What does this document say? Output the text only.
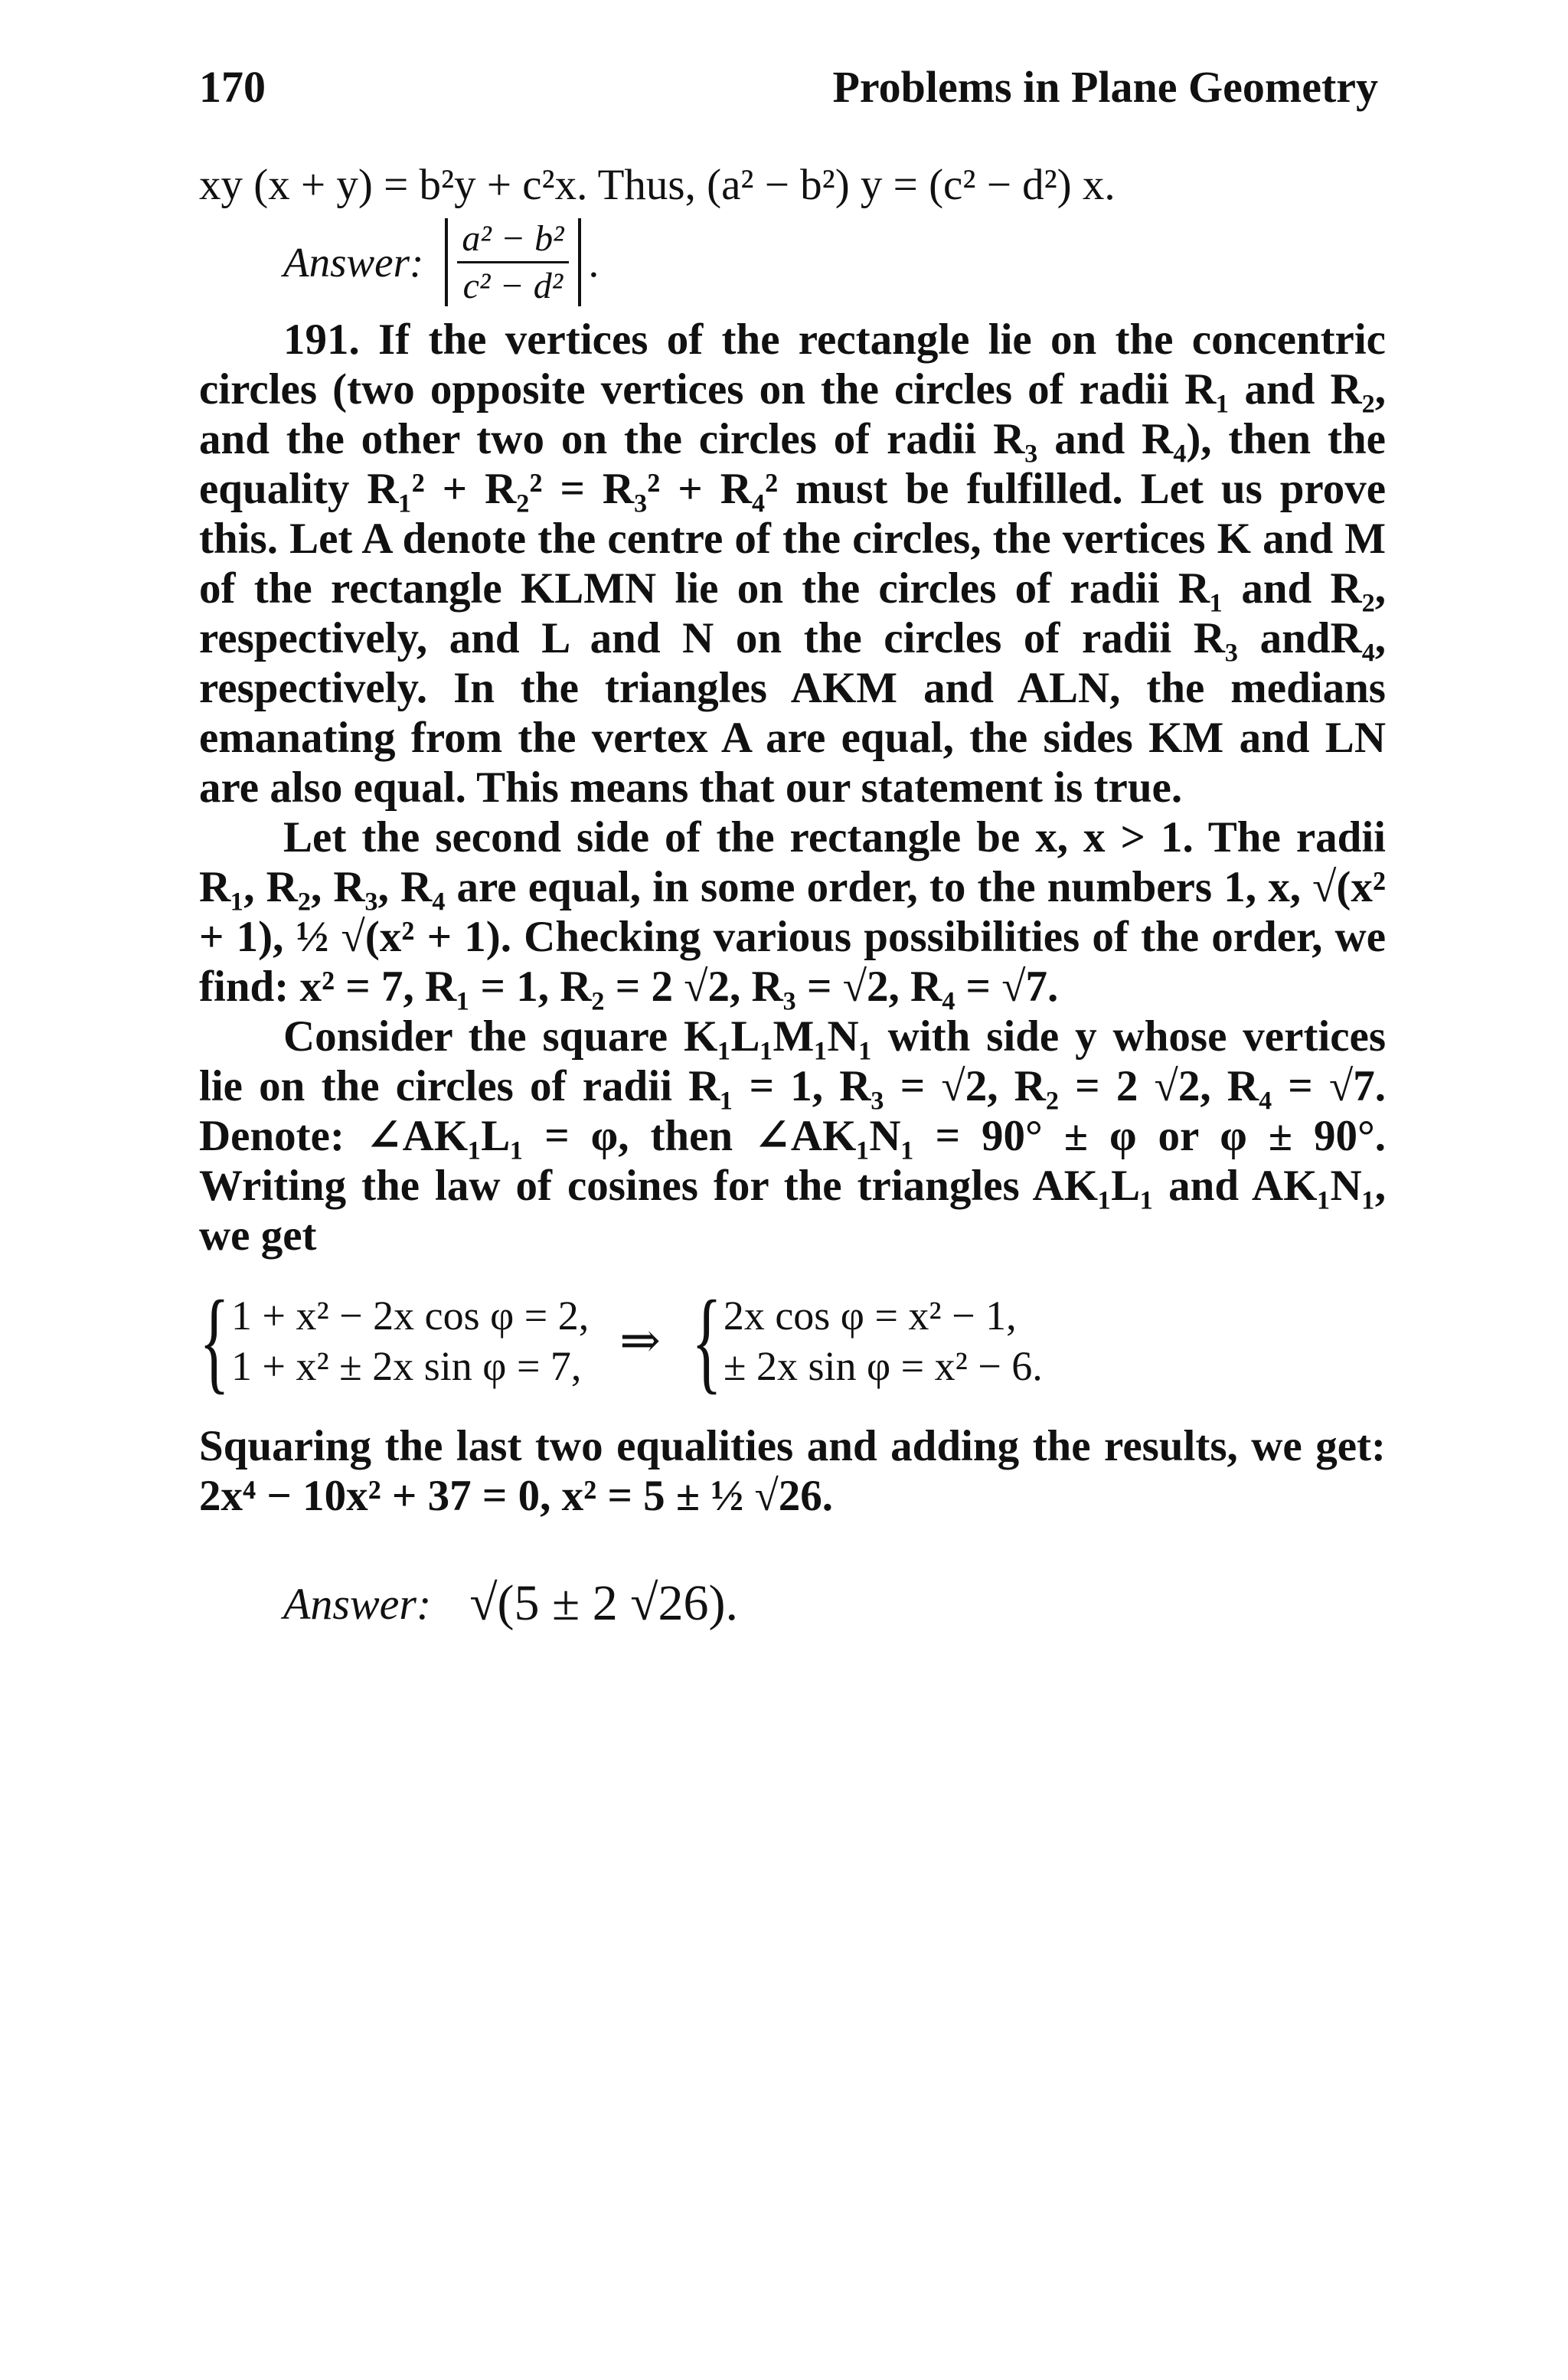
170	Problems in Plane Geometry

xy (x + y) = b²y + c²x. Thus, (a² − b²) y = (c² − d²) x.

Answer: $\frac{\text{a² − b²}}{\text{c² − d²}}$ .

191. If the vertices of the rectangle lie on the concentric circles (two opposite vertices on the circles of radii R₁ and R₂, and the other two on the circles of radii R₃ and R₄), then the equality R₁² + R₂² = R₃² + R₄² must be fulfilled. Let us prove this. Let A denote the centre of the circles, the vertices K and M of the rectangle KLMN lie on the circles of radii R₁ and R₂, respectively, and L and N on the circles of radii R₃ andR₄, respectively. In the triangles AKM and ALN, the medians emanating from the vertex A are equal, the sides KM and LN are also equal. This means that our statement is true.

Let the second side of the rectangle be x, x > 1. The radii R₁, R₂, R₃, R₄ are equal, in some order, to the numbers 1, x, √(x² + 1), ½ √(x² + 1). Checking various possibilities of the order, we find: x² = 7, R₁ = 1, R₂ = 2 √2, R₃ = √2, R₄ = √7.

Consider the square K₁L₁M₁N₁ with side y whose vertices lie on the circles of radii R₁ = 1, R₃ = √2, R₂ = 2 √2, R₄ = √7. Denote: ∠AK₁L₁ = φ, then ∠AK₁N₁ = 90° ± φ or φ ± 90°. Writing the law of cosines for the triangles AK₁L₁ and AK₁N₁, we get

{ 1 + x² − 2x cos φ = 2,
1 + x² ± 2x sin φ = 7, ⇒ { 2x cos φ = x² − 1,
± 2x sin φ = x² − 6.

Squaring the last two equalities and adding the results, we get: 2x⁴ − 10x² + 37 = 0, x² = 5 ± ½ √26.

Answer: √(5 ± 2 √26).
